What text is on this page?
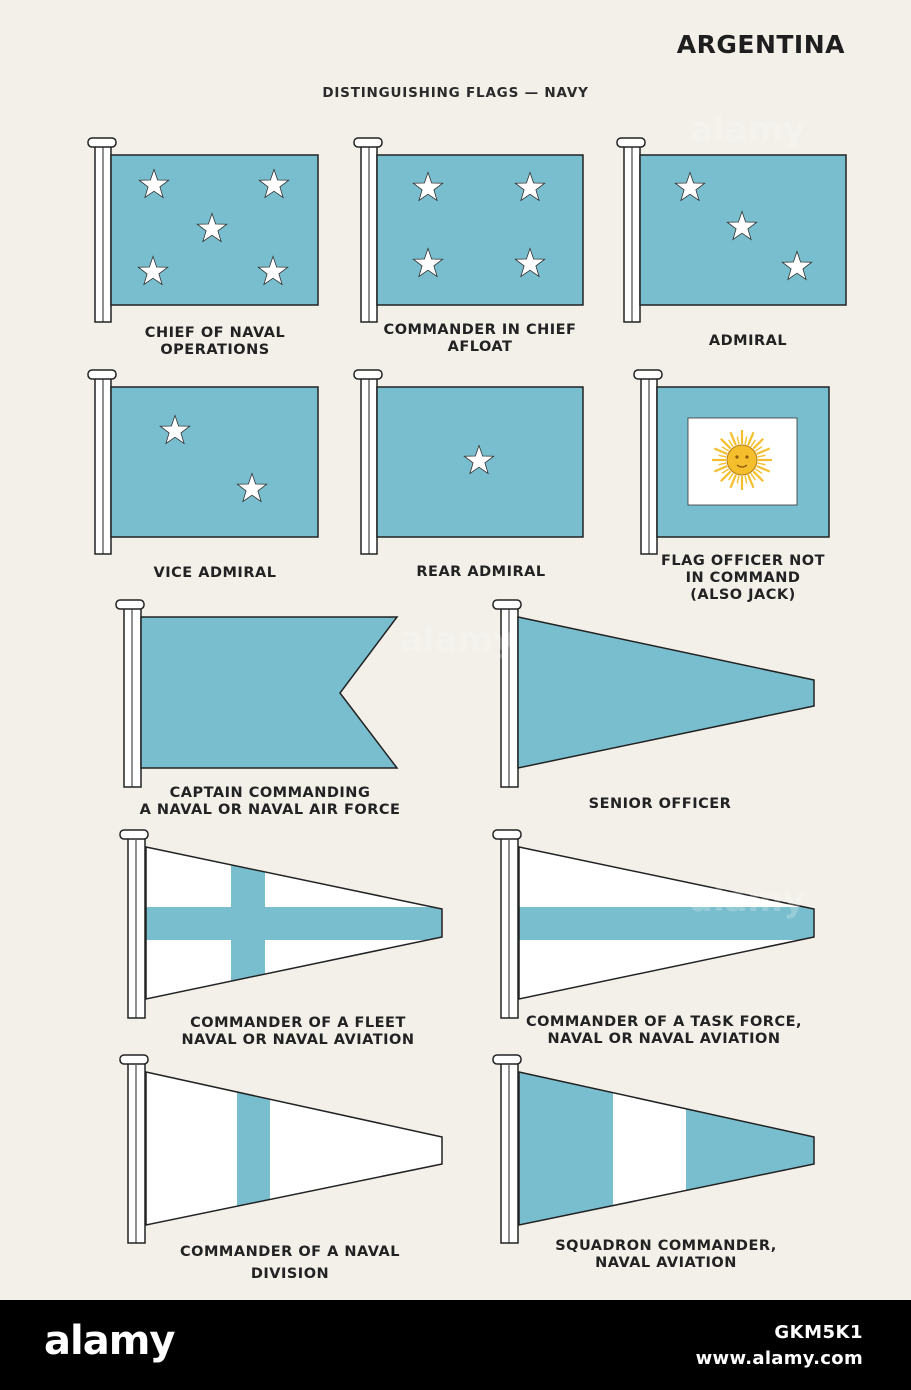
ARGENTINA
DISTINGUISHING FLAGS — NAVY
CHIEF OF NAVAL
OPERATIONS
COMMANDER IN CHIEF
AFLOAT	ADMIRAL
VICE ADMIRAL	REAR ADMIRAL
FLAG OFFICER NOT
IN COMMAND
(ALSO JACK)
CAPTAIN COMMANDING
A NAVAL OR NAVAL AIR FORCE	SENIOR OFFICER
COMMANDER OF A FLEET
NAVAL OR NAVAL AVIATION
COMMANDER OF A TASK FORCE,
NAVAL OR NAVAL AVIATION
COMMANDER OF A NAVAL
DIVISION
SQUADRON COMMANDER,
NAVAL AVIATION
alamy
alamy
alamy
alamy	GKM5K1
www.alamy.com
